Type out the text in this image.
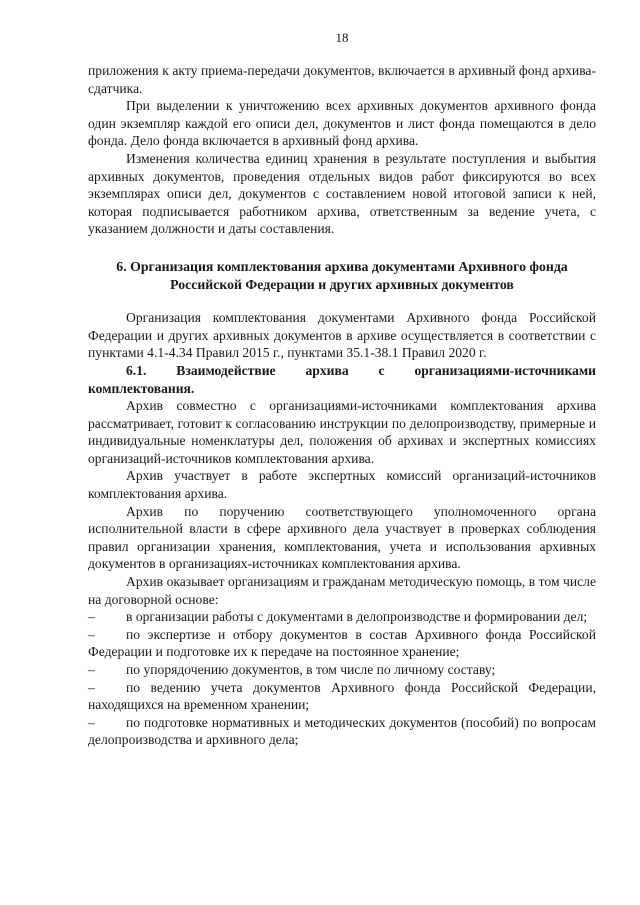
18

приложения к акту приема-передачи документов, включается в архивный фонд архива-сдатчика.

При выделении к уничтожению всех архивных документов архивного фонда один экземпляр каждой его описи дел, документов и лист фонда помещаются в дело фонда. Дело фонда включается в архивный фонд архива.

Изменения количества единиц хранения в результате поступления и выбытия архивных документов, проведения отдельных видов работ фиксируются во всех экземплярах описи дел, документов с составлением новой итоговой записи к ней, которая подписывается работником архива, ответственным за ведение учета, с указанием должности и даты составления.

6. Организация комплектования архива документами Архивного фонда Российской Федерации и других архивных документов

Организация комплектования документами Архивного фонда Российской Федерации и других архивных документов в архиве осуществляется в соответствии с пунктами 4.1-4.34 Правил 2015 г., пунктами 35.1-38.1 Правил 2020 г.

6.1. Взаимодействие архива с организациями-источниками комплектования.

Архив совместно с организациями-источниками комплектования архива рассматривает, готовит к согласованию инструкции по делопроизводству, примерные и индивидуальные номенклатуры дел, положения об архивах и экспертных комиссиях организаций-источников комплектования архива.

Архив участвует в работе экспертных комиссий организаций-источников комплектования архива.

Архив по поручению соответствующего уполномоченного органа исполнительной власти в сфере архивного дела участвует в проверках соблюдения правил организации хранения, комплектования, учета и использования архивных документов в организациях-источниках комплектования архива.

Архив оказывает организациям и гражданам методическую помощь, в том числе на договорной основе:

– в организации работы с документами в делопроизводстве и формировании дел;

– по экспертизе и отбору документов в состав Архивного фонда Российской Федерации и подготовке их к передаче на постоянное хранение;

– по упорядочению документов, в том числе по личному составу;

– по ведению учета документов Архивного фонда Российской Федерации, находящихся на временном хранении;

– по подготовке нормативных и методических документов (пособий) по вопросам делопроизводства и архивного дела;
